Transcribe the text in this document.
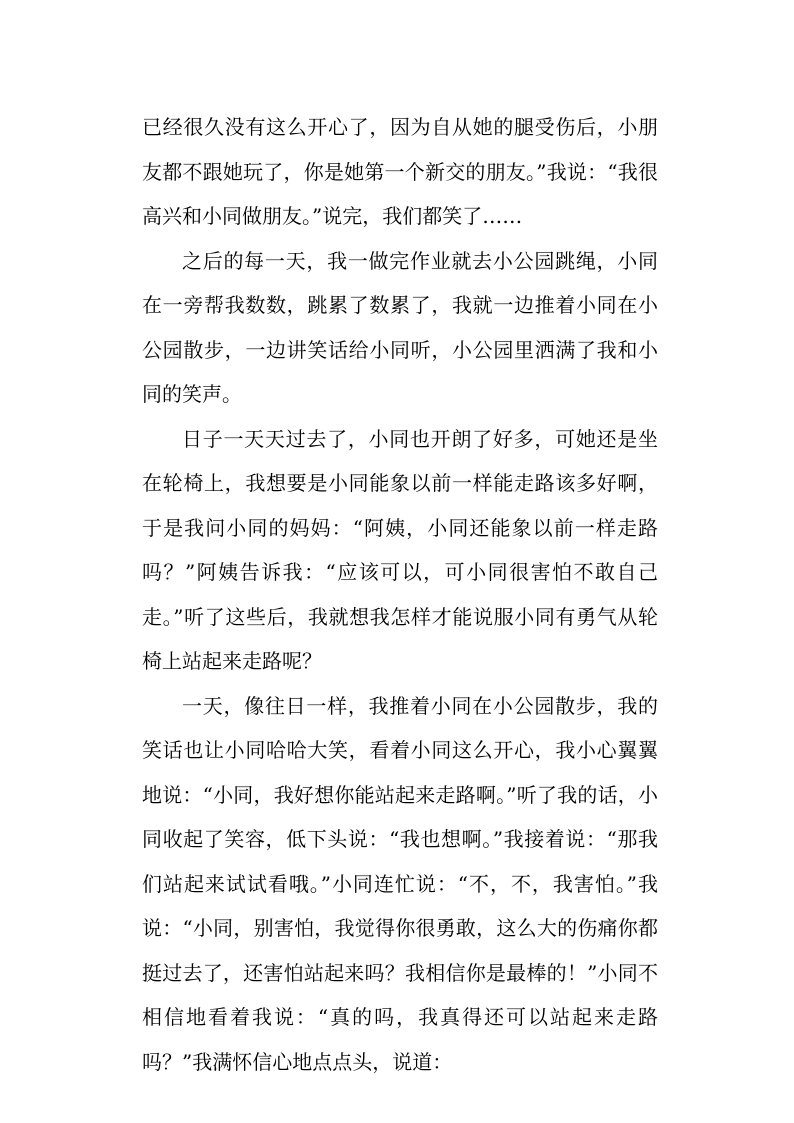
已经很久没有这么开心了，因为自从她的腿受伤后，小朋友都不跟她玩了，你是她第一个新交的朋友。”我说：“我很高兴和小同做朋友。”说完，我们都笑了……

之后的每一天，我一做完作业就去小公园跳绳，小同在一旁帮我数数，跳累了数累了，我就一边推着小同在小公园散步，一边讲笑话给小同听，小公园里洒满了我和小同的笑声。

日子一天天过去了，小同也开朗了好多，可她还是坐在轮椅上，我想要是小同能象以前一样能走路该多好啊，于是我问小同的妈妈：“阿姨，小同还能象以前一样走路吗？”阿姨告诉我：“应该可以，可小同很害怕不敢自己走。”听了这些后，我就想我怎样才能说服小同有勇气从轮椅上站起来走路呢？

一天，像往日一样，我推着小同在小公园散步，我的笑话也让小同哈哈大笑，看着小同这么开心，我小心翼翼地说：“小同，我好想你能站起来走路啊。”听了我的话，小同收起了笑容，低下头说：“我也想啊。”我接着说：“那我们站起来试试看哦。”小同连忙说：“不，不，我害怕。”我说：“小同，别害怕，我觉得你很勇敢，这么大的伤痛你都挺过去了，还害怕站起来吗？我相信你是最棒的！”小同不相信地看着我说：“真的吗，我真得还可以站起来走路吗？”我满怀信心地点点头，说道：
